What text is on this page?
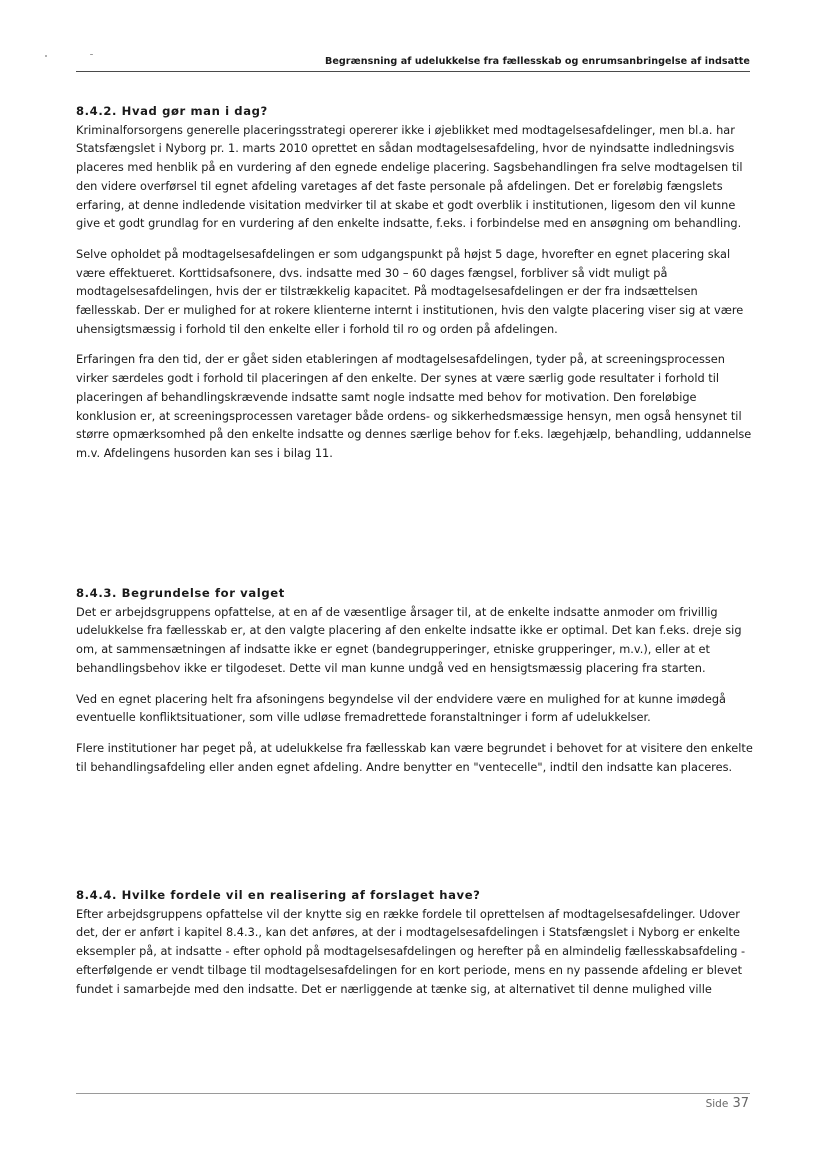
Begrænsning af udelukkelse fra fællesskab og enrumsanbringelse af indsatte
8.4.2. Hvad gør man i dag?

Kriminalforsorgens generelle placeringsstrategi opererer ikke i øjeblikket med modtagelsesafdelinger, men bl.a. har Statsfængslet i Nyborg pr. 1. marts 2010 oprettet en sådan modtagelsesafdeling, hvor de nyindsatte indledningsvis placeres med henblik på en vurdering af den egnede endelige placering. Sagsbehandlingen fra selve modtagelsen til den videre overførsel til egnet afdeling varetages af det faste personale på afdelingen. Det er foreløbig fængslets erfaring, at denne indledende visitation medvirker til at skabe et godt overblik i institutionen, ligesom den vil kunne give et godt grundlag for en vurdering af den enkelte indsatte, f.eks. i forbindelse med en ansøgning om behandling.

Selve opholdet på modtagelsesafdelingen er som udgangspunkt på højst 5 dage, hvorefter en egnet placering skal være effektueret. Korttidsafsonere, dvs. indsatte med 30 – 60 dages fængsel, forbliver så vidt muligt på modtagelsesafdelingen, hvis der er tilstrækkelig kapacitet. På modtagelsesafdelingen er der fra indsættelsen fællesskab. Der er mulighed for at rokere klienterne internt i institutionen, hvis den valgte placering viser sig at være uhensigtsmæssig i forhold til den enkelte eller i forhold til ro og orden på afdelingen.

Erfaringen fra den tid, der er gået siden etableringen af modtagelsesafdelingen, tyder på, at screeningsprocessen virker særdeles godt i forhold til placeringen af den enkelte. Der synes at være særlig gode resultater i forhold til placeringen af behandlingskrævende indsatte samt nogle indsatte med behov for motivation. Den foreløbige konklusion er, at screeningsprocessen varetager både ordens- og sikkerhedsmæssige hensyn, men også hensynet til større opmærksomhed på den enkelte indsatte og dennes særlige behov for f.eks. lægehjælp, behandling, uddannelse m.v. Afdelingens husorden kan ses i bilag 11.

8.4.3. Begrundelse for valget

Det er arbejdsgruppens opfattelse, at en af de væsentlige årsager til, at de enkelte indsatte anmoder om frivillig udelukkelse fra fællesskab er, at den valgte placering af den enkelte indsatte ikke er optimal. Det kan f.eks. dreje sig om, at sammensætningen af indsatte ikke er egnet (bandegrupperinger, etniske grupperinger, m.v.), eller at et behandlingsbehov ikke er tilgodeset. Dette vil man kunne undgå ved en hensigtsmæssig placering fra starten.

Ved en egnet placering helt fra afsoningens begyndelse vil der endvidere være en mulighed for at kunne imødegå eventuelle konfliktsituationer, som ville udløse fremadrettede foranstaltninger i form af udelukkelser.

Flere institutioner har peget på, at udelukkelse fra fællesskab kan være begrundet i behovet for at visitere den enkelte til behandlingsafdeling eller anden egnet afdeling. Andre benytter en "ventecelle", indtil den indsatte kan placeres.

8.4.4. Hvilke fordele vil en realisering af forslaget have?

Efter arbejdsgruppens opfattelse vil der knytte sig en række fordele til oprettelsen af modtagelsesafdelinger. Udover det, der er anført i kapitel 8.4.3., kan det anføres, at der i modtagelsesafdelingen i Statsfængslet i Nyborg er enkelte eksempler på, at indsatte - efter ophold på modtagelsesafdelingen og herefter på en almindelig fællesskabsafdeling - efterfølgende er vendt tilbage til modtagelsesafdelingen for en kort periode, mens en ny passende afdeling er blevet fundet i samarbejde med den indsatte. Det er nærliggende at tænke sig, at alternativet til denne mulighed ville

Side 37
